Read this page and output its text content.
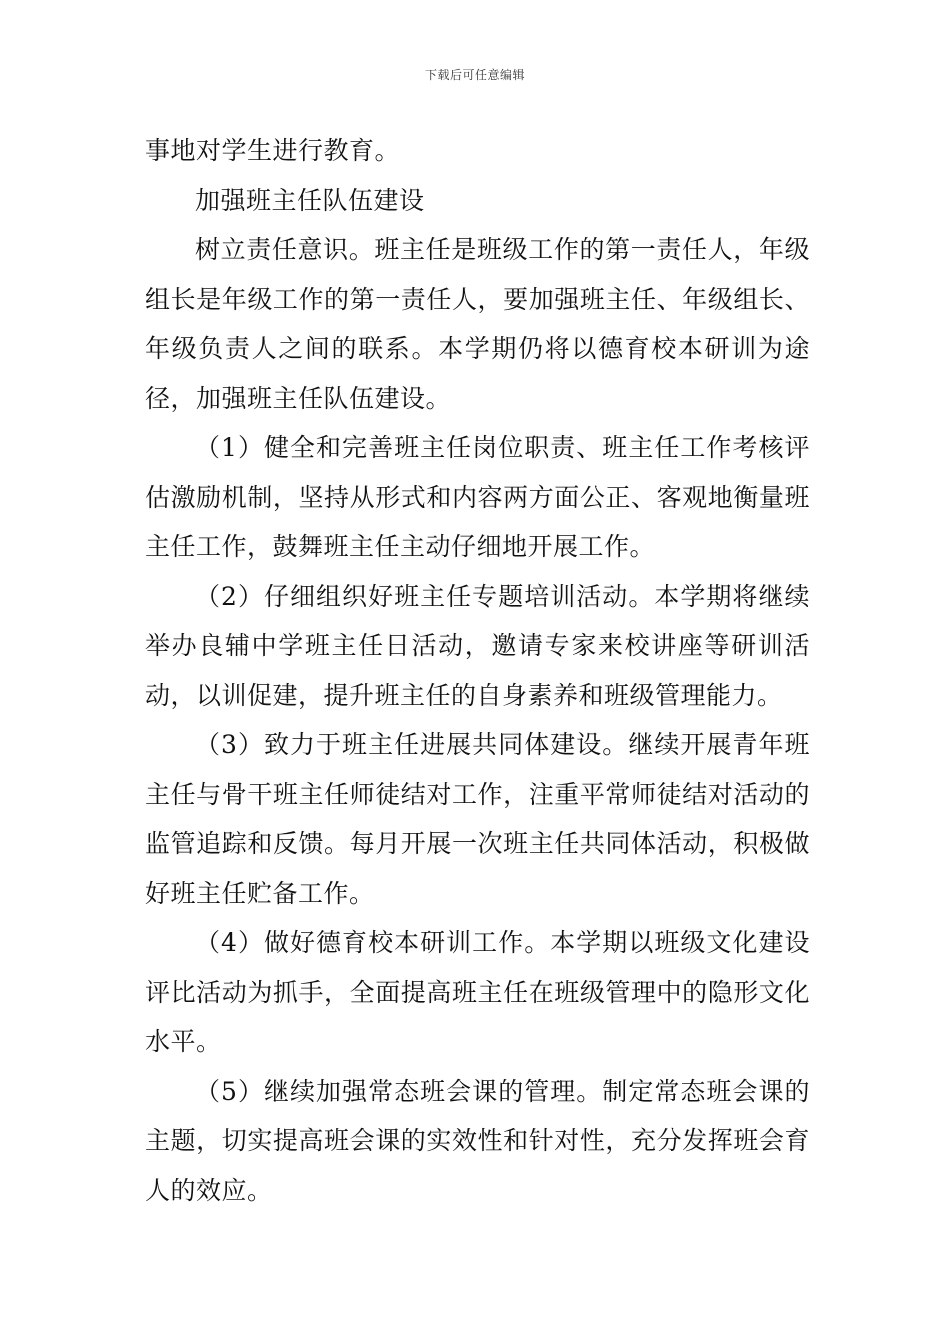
下载后可任意编辑

事地对学生进行教育。

加强班主任队伍建设

树立责任意识。班主任是班级工作的第一责任人，年级组长是年级工作的第一责任人，要加强班主任、年级组长、年级负责人之间的联系。本学期仍将以德育校本研训为途径，加强班主任队伍建设。

（1）健全和完善班主任岗位职责、班主任工作考核评估激励机制，坚持从形式和内容两方面公正、客观地衡量班主任工作，鼓舞班主任主动仔细地开展工作。

（2）仔细组织好班主任专题培训活动。本学期将继续举办良辅中学班主任日活动，邀请专家来校讲座等研训活动，以训促建，提升班主任的自身素养和班级管理能力。

（3）致力于班主任进展共同体建设。继续开展青年班主任与骨干班主任师徒结对工作，注重平常师徒结对活动的监管追踪和反馈。每月开展一次班主任共同体活动，积极做好班主任贮备工作。

（4）做好德育校本研训工作。本学期以班级文化建设评比活动为抓手，全面提高班主任在班级管理中的隐形文化水平。

（5）继续加强常态班会课的管理。制定常态班会课的主题，切实提高班会课的实效性和针对性，充分发挥班会育人的效应。
